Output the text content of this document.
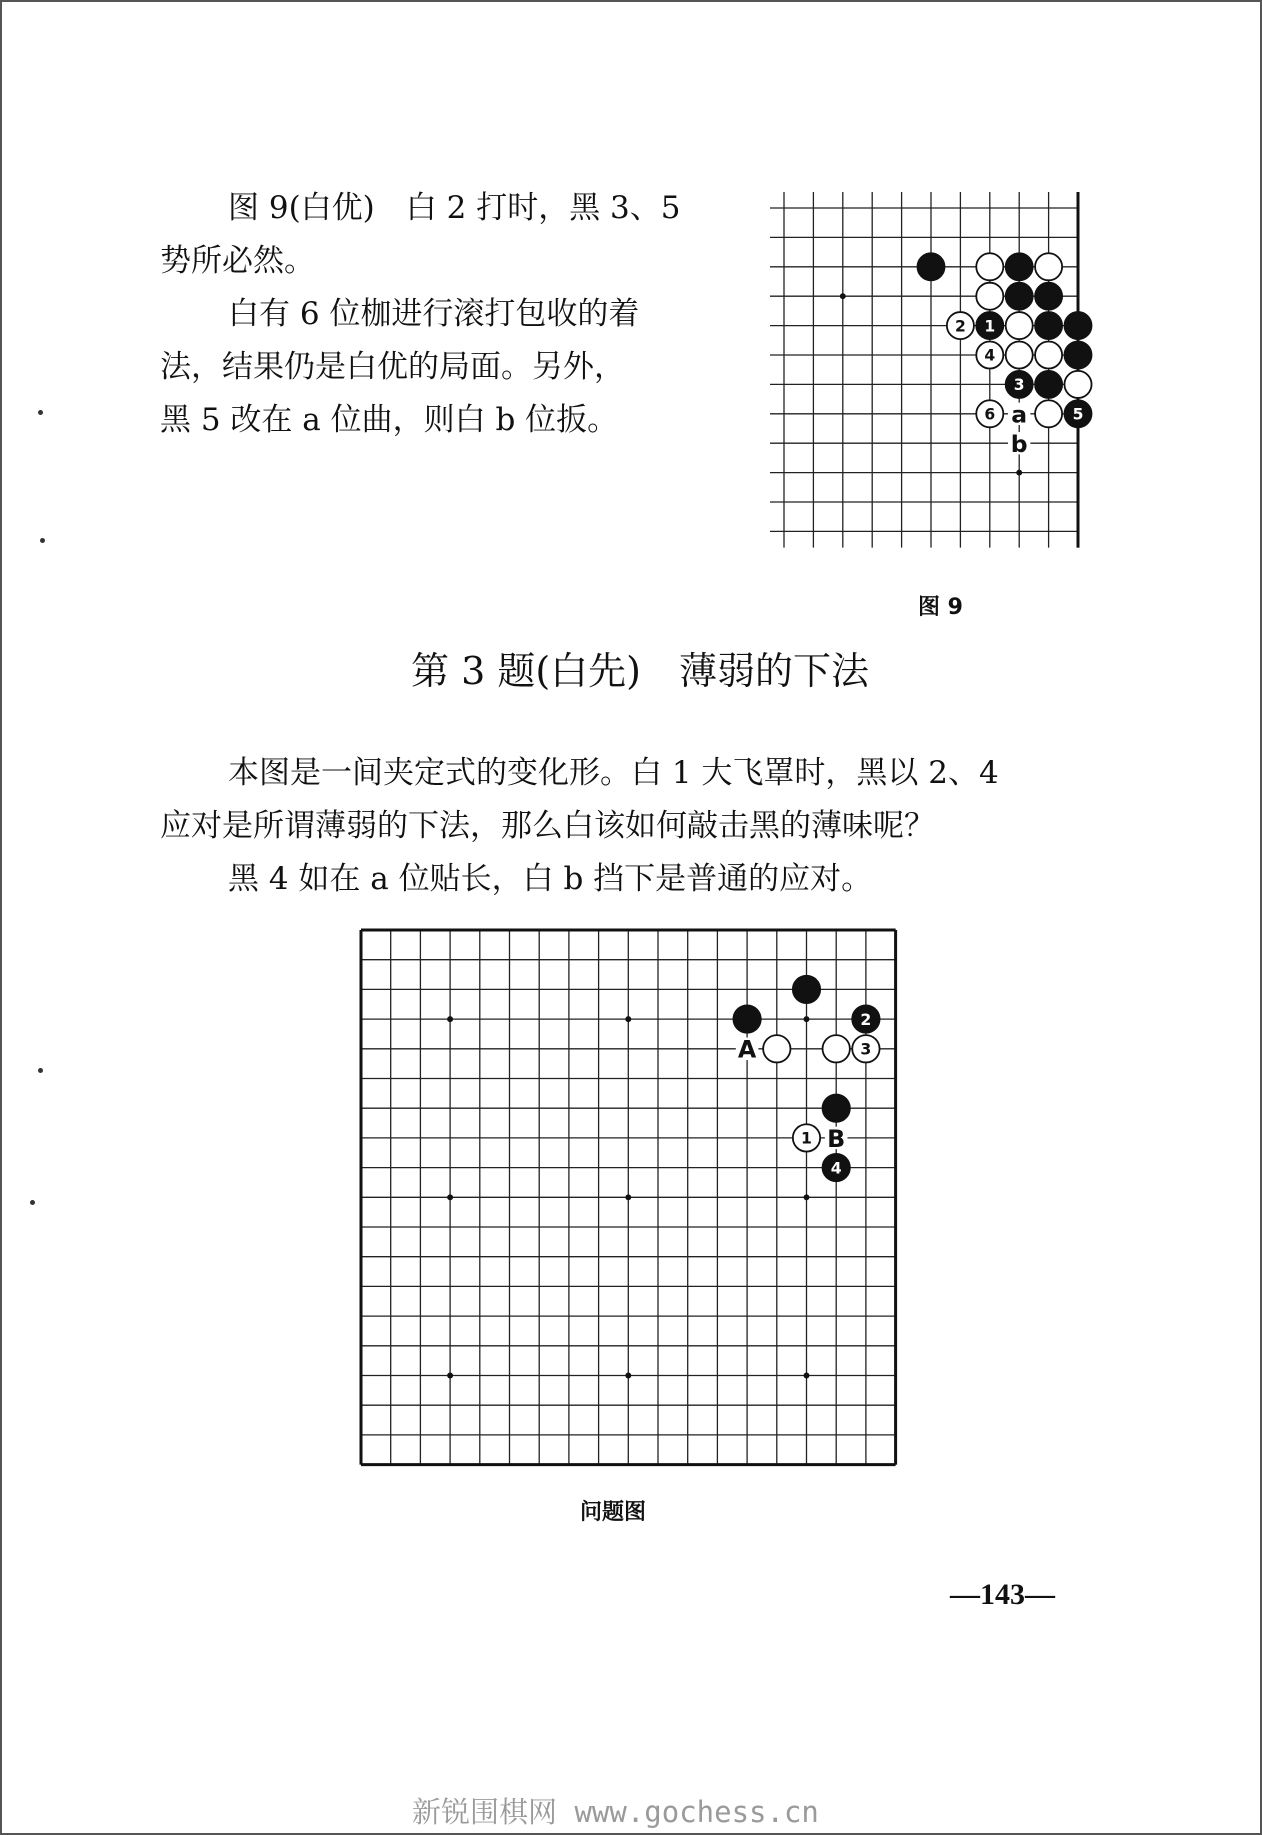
图 9(白优)　白 2 打时，黑 3、5
势所必然。
白有 6 位枷进行滚打包收的着
法，结果仍是白优的局面。另外，
黑 5 改在 a 位曲，则白 b 位扳。
2 1
4
3
6	5
a
b
图 9
第 3 题(白先)　薄弱的下法
本图是一间夹定式的变化形。白 1 大飞罩时，黑以 2、4
应对是所谓薄弱的下法，那么白该如何敲击黑的薄味呢？
黑 4 如在 a 位贴长，白 b 挡下是普通的应对。
2
3
1
4
A
B
问题图
—143—
新锐围棋网 www.gochess.cn
